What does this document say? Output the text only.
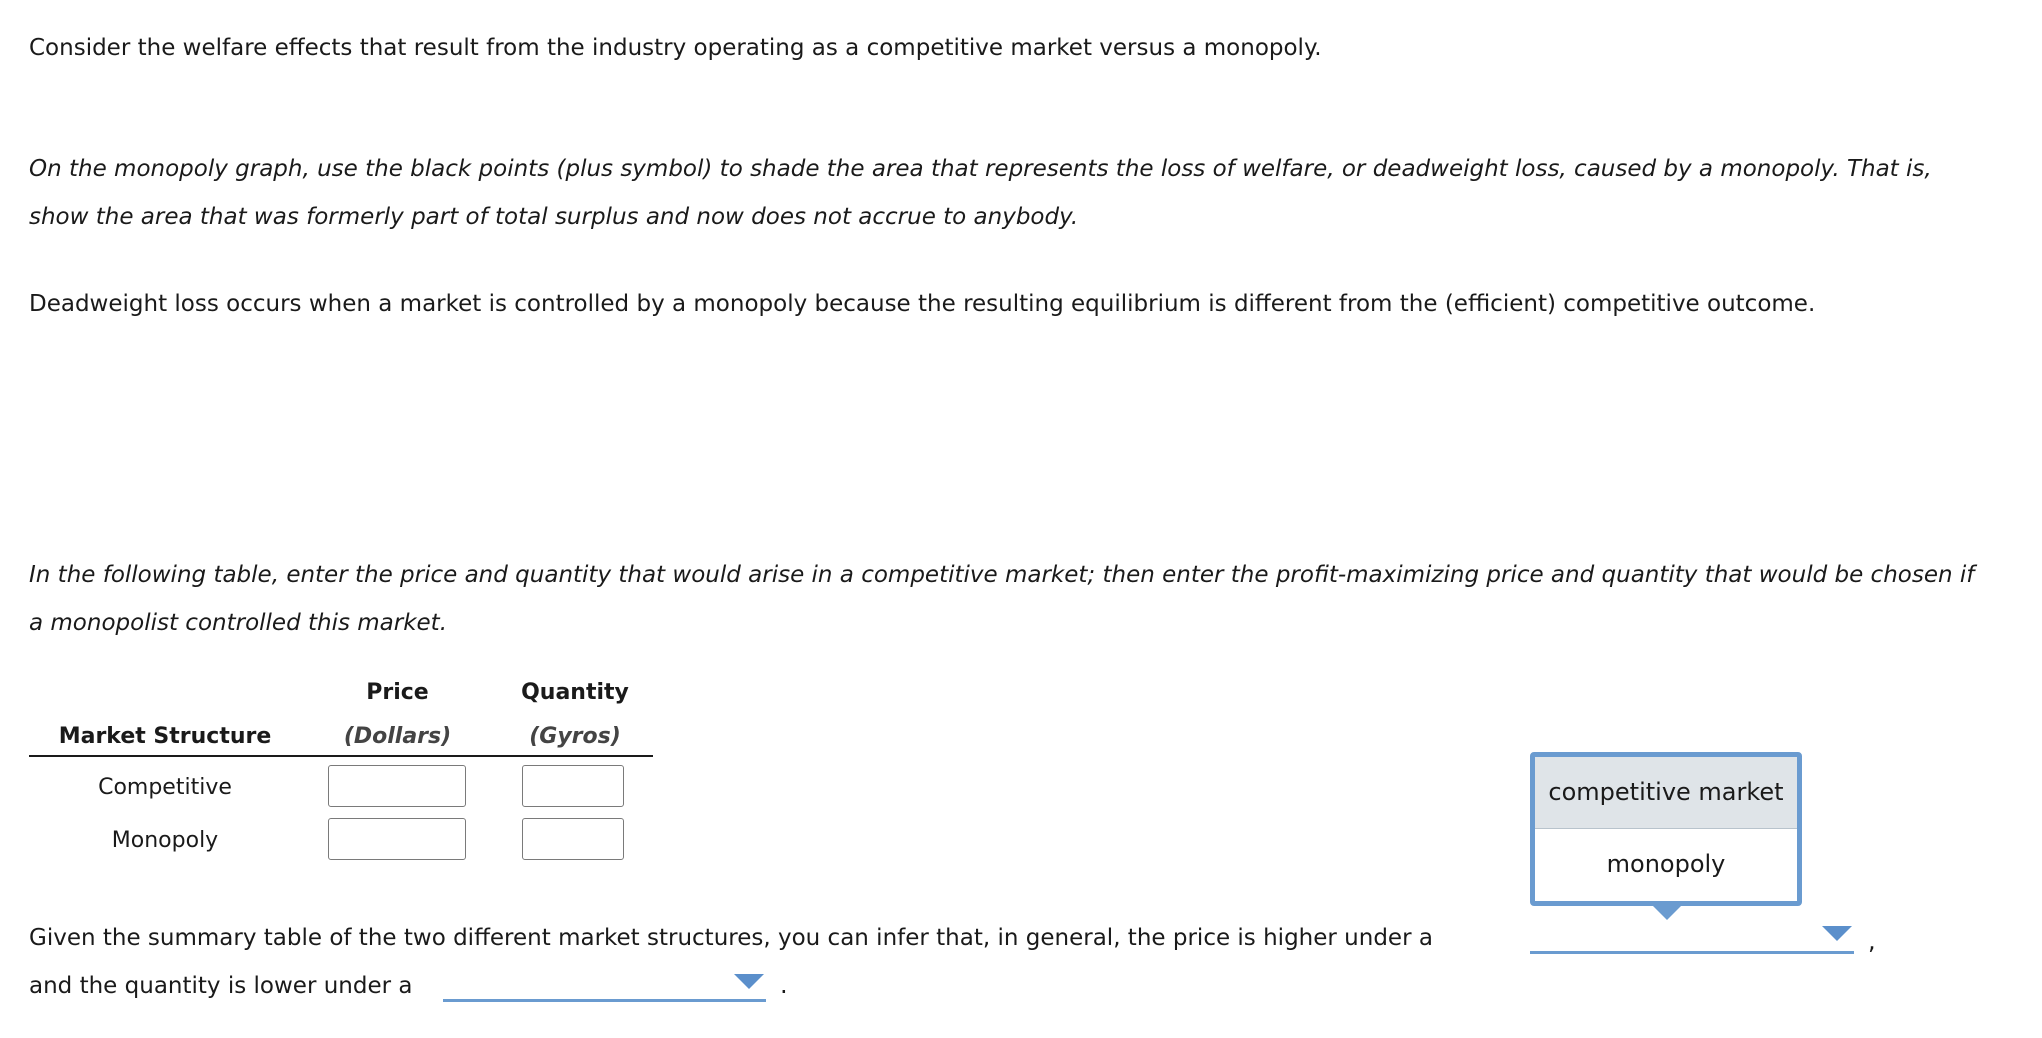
Consider the welfare effects that result from the industry operating as a competitive market versus a monopoly.

On the monopoly graph, use the black points (plus symbol) to shade the area that represents the loss of welfare, or deadweight loss, caused by a monopoly. That is, show the area that was formerly part of total surplus and now does not accrue to anybody.

Deadweight loss occurs when a market is controlled by a monopoly because the resulting equilibrium is different from the (efficient) competitive outcome.

In the following table, enter the price and quantity that would arise in a competitive market; then enter the profit-maximizing price and quantity that would be chosen if a monopolist controlled this market.

Market Structure
Price
(Dollars)
Quantity
(Gyros)
Competitive
Monopoly
competitive market
monopoly
Given the summary table of the two different market structures, you can infer that, in general, the price is higher under a	,
and the quantity is lower under a	.
